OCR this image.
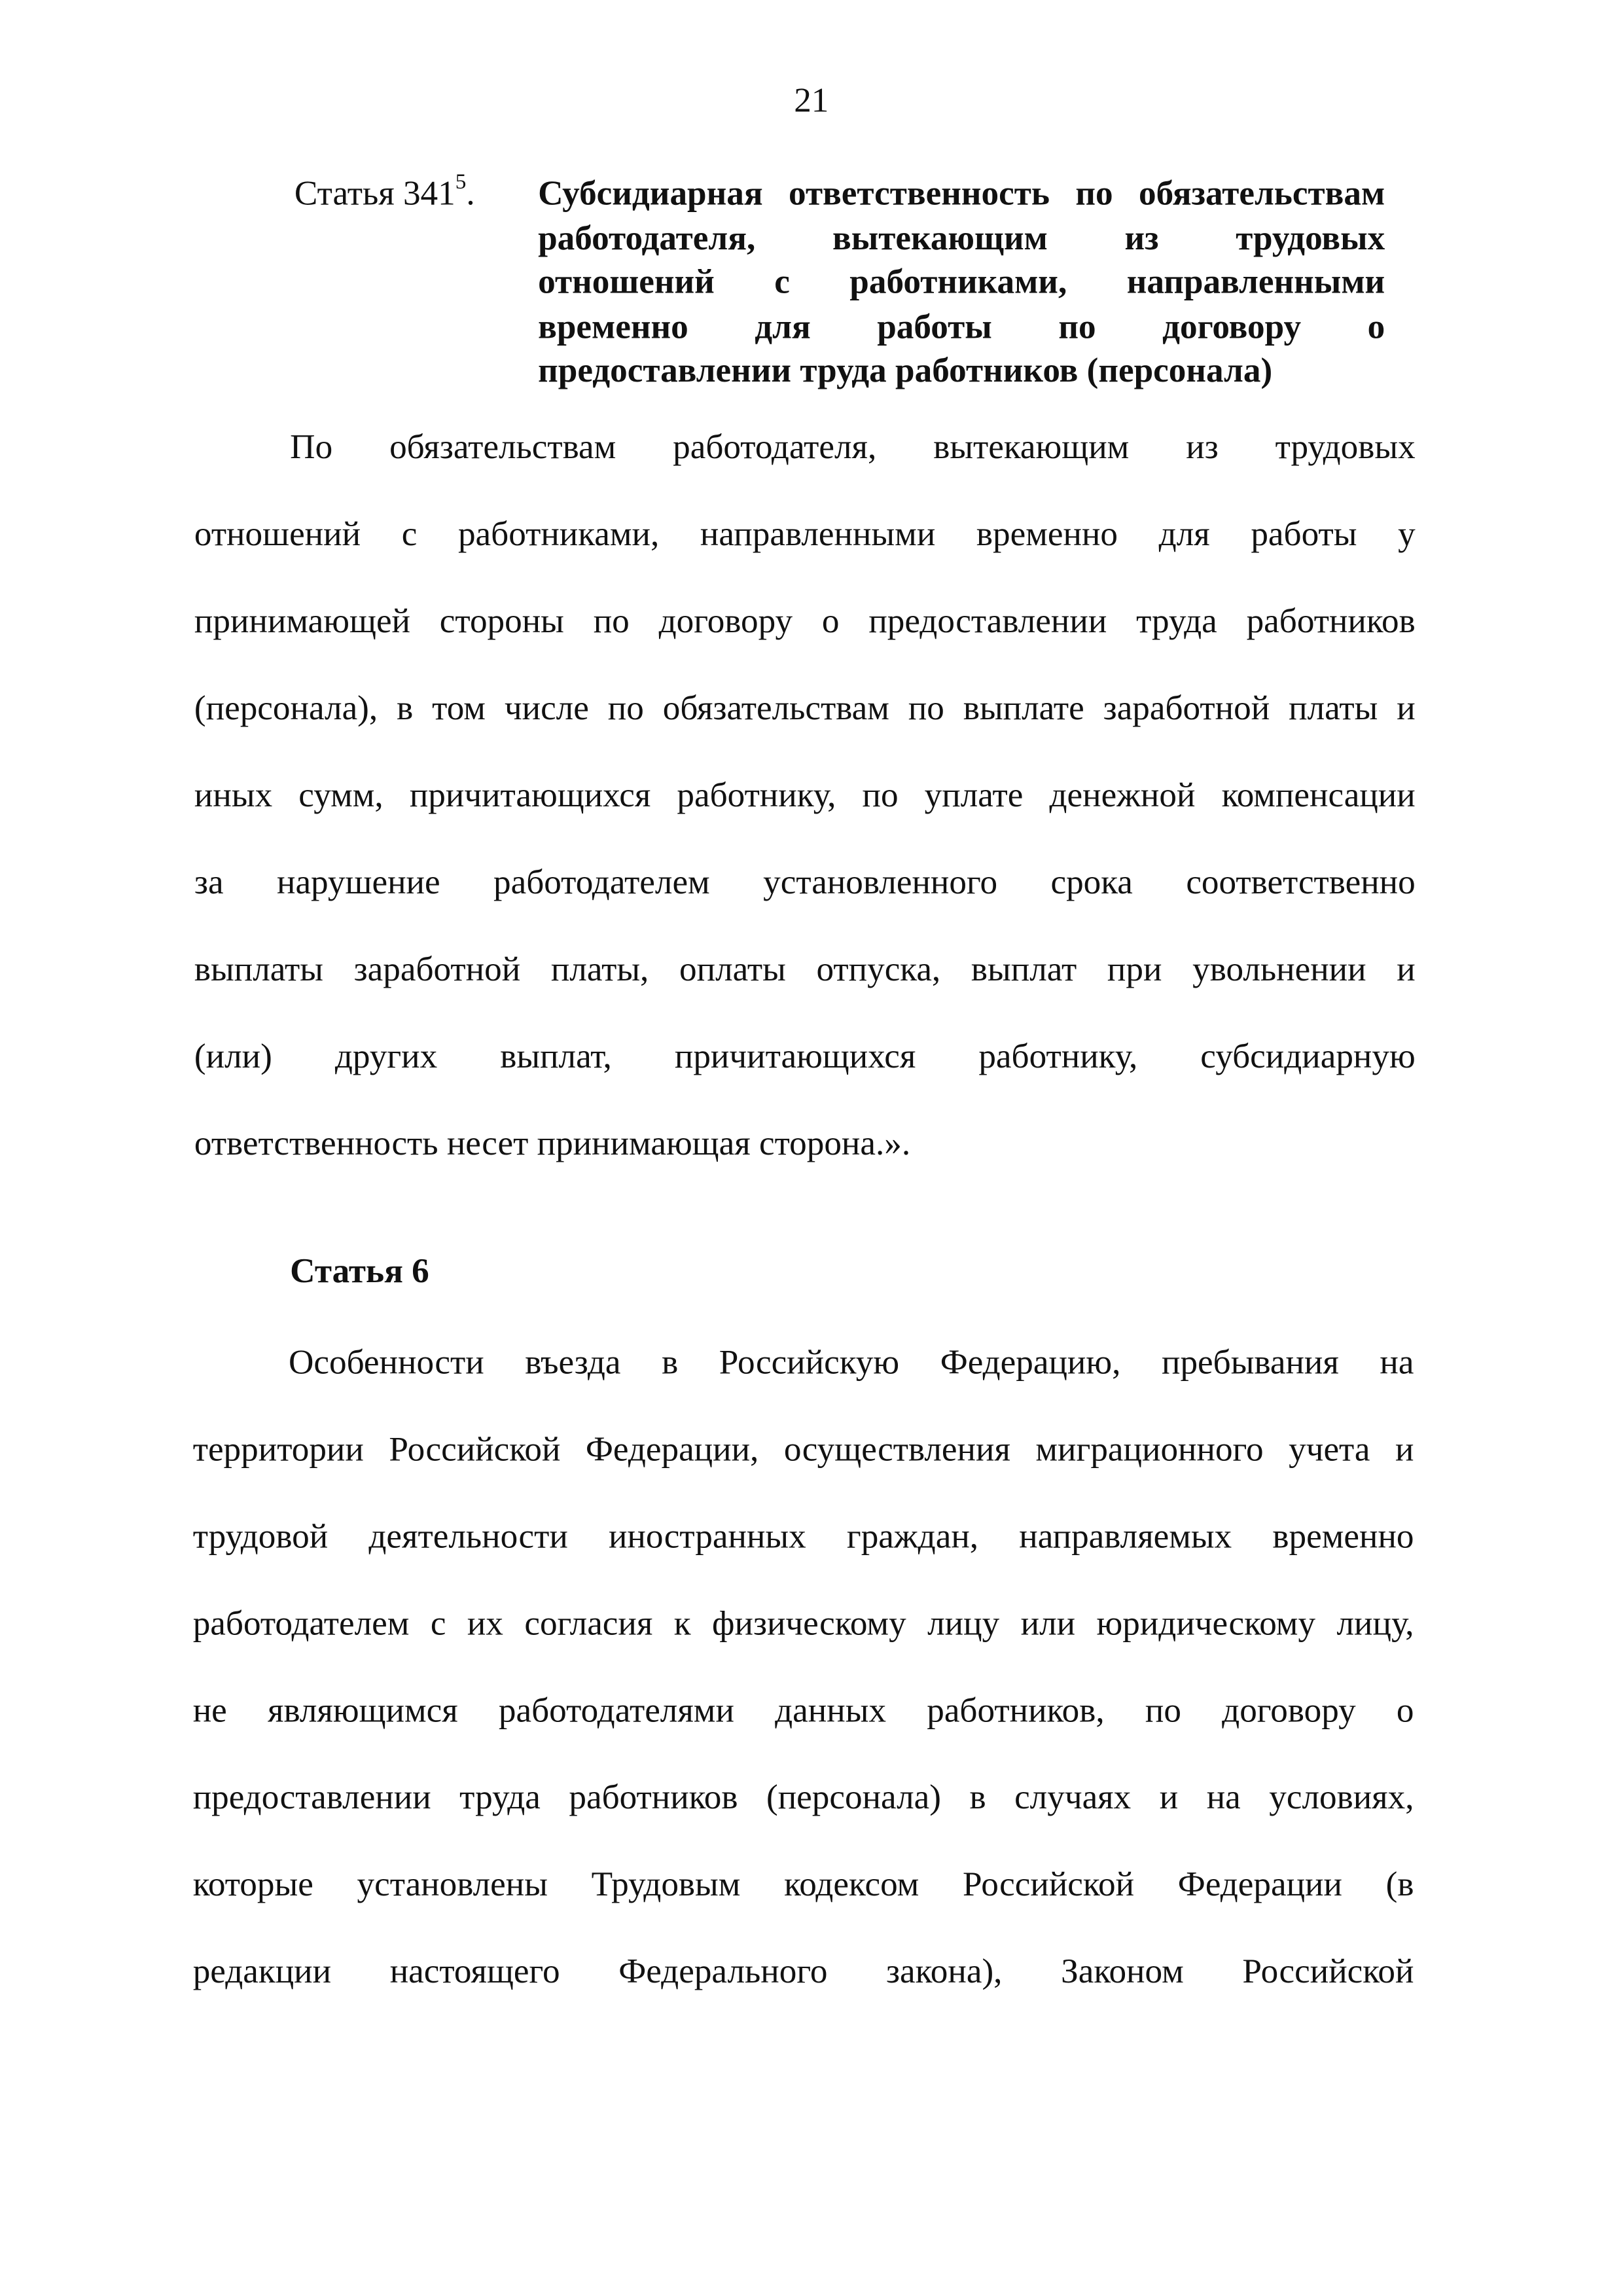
21
Статья $341^5$.	Субсидиарная ответственность по обязательствам
работодателя, вытекающим из трудовых
отношений с работниками, направленными
временно для работы по договору о
предоставлении труда работников (персонала)
По обязательствам работодателя, вытекающим из трудовых
отношений с работниками, направленными временно для работы у
принимающей стороны по договору о предоставлении труда работников
(персонала), в том числе по обязательствам по выплате заработной платы и
иных сумм, причитающихся работнику, по уплате денежной компенсации
за нарушение работодателем установленного срока соответственно
выплаты заработной платы, оплаты отпуска, выплат при увольнении и
(или) других выплат, причитающихся работнику, субсидиарную
ответственность несет принимающая сторона.».
Статья 6
Особенности въезда в Российскую Федерацию, пребывания на
территории Российской Федерации, осуществления миграционного учета и
трудовой деятельности иностранных граждан, направляемых временно
работодателем с их согласия к физическому лицу или юридическому лицу,
не являющимся работодателями данных работников, по договору о
предоставлении труда работников (персонала) в случаях и на условиях,
которые установлены Трудовым кодексом Российской Федерации (в
редакции настоящего Федерального закона), Законом Российской
